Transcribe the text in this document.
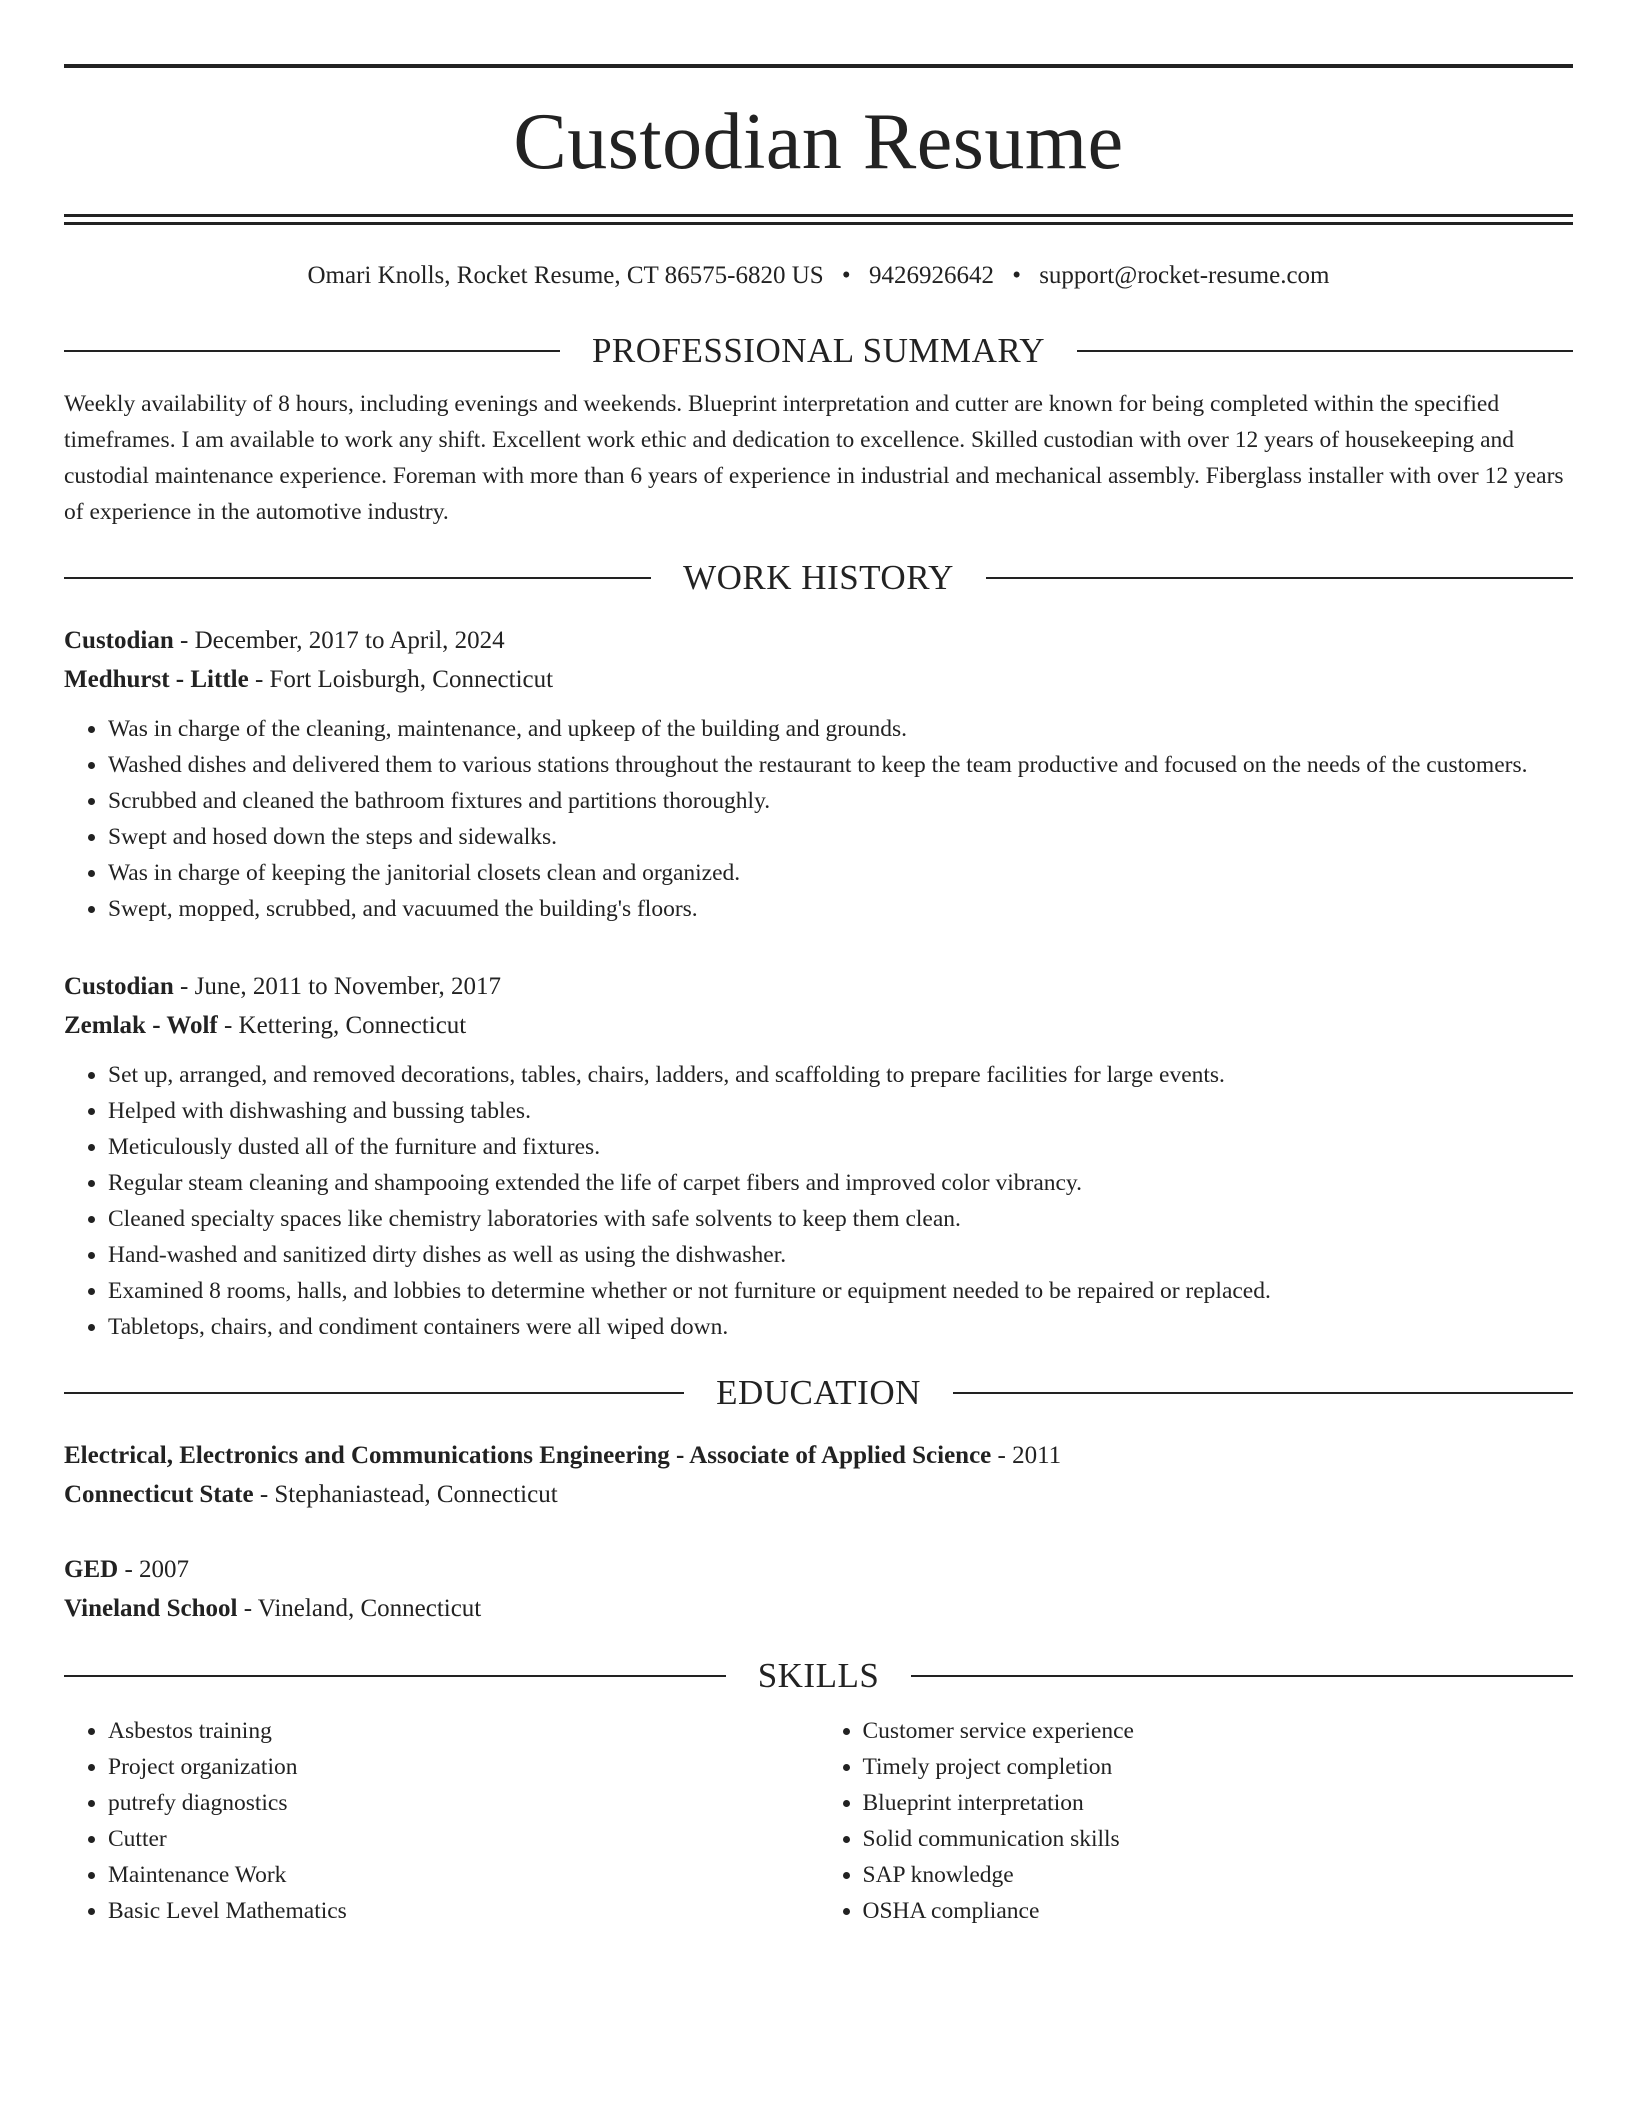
Custodian Resume
Omari Knolls, Rocket Resume, CT 86575-6820 US • 9426926642 • support@rocket-resume.com
PROFESSIONAL SUMMARY
Weekly availability of 8 hours, including evenings and weekends. Blueprint interpretation and cutter are known for being completed within the specified timeframes. I am available to work any shift. Excellent work ethic and dedication to excellence. Skilled custodian with over 12 years of housekeeping and custodial maintenance experience. Foreman with more than 6 years of experience in industrial and mechanical assembly. Fiberglass installer with over 12 years of experience in the automotive industry.
WORK HISTORY
Custodian - December, 2017 to April, 2024
Medhurst - Little - Fort Loisburgh, Connecticut
• Was in charge of the cleaning, maintenance, and upkeep of the building and grounds.
• Washed dishes and delivered them to various stations throughout the restaurant to keep the team productive and focused on the needs of the customers.
• Scrubbed and cleaned the bathroom fixtures and partitions thoroughly.
• Swept and hosed down the steps and sidewalks.
• Was in charge of keeping the janitorial closets clean and organized.
• Swept, mopped, scrubbed, and vacuumed the building's floors.
Custodian - June, 2011 to November, 2017
Zemlak - Wolf - Kettering, Connecticut
• Set up, arranged, and removed decorations, tables, chairs, ladders, and scaffolding to prepare facilities for large events.
• Helped with dishwashing and bussing tables.
• Meticulously dusted all of the furniture and fixtures.
• Regular steam cleaning and shampooing extended the life of carpet fibers and improved color vibrancy.
• Cleaned specialty spaces like chemistry laboratories with safe solvents to keep them clean.
• Hand-washed and sanitized dirty dishes as well as using the dishwasher.
• Examined 8 rooms, halls, and lobbies to determine whether or not furniture or equipment needed to be repaired or replaced.
• Tabletops, chairs, and condiment containers were all wiped down.
EDUCATION
Electrical, Electronics and Communications Engineering - Associate of Applied Science - 2011
Connecticut State - Stephaniastead, Connecticut
GED - 2007
Vineland School - Vineland, Connecticut
SKILLS
• Asbestos training
• Project organization
• putrefy diagnostics
• Cutter
• Maintenance Work
• Basic Level Mathematics
• Customer service experience
• Timely project completion
• Blueprint interpretation
• Solid communication skills
• SAP knowledge
• OSHA compliance
